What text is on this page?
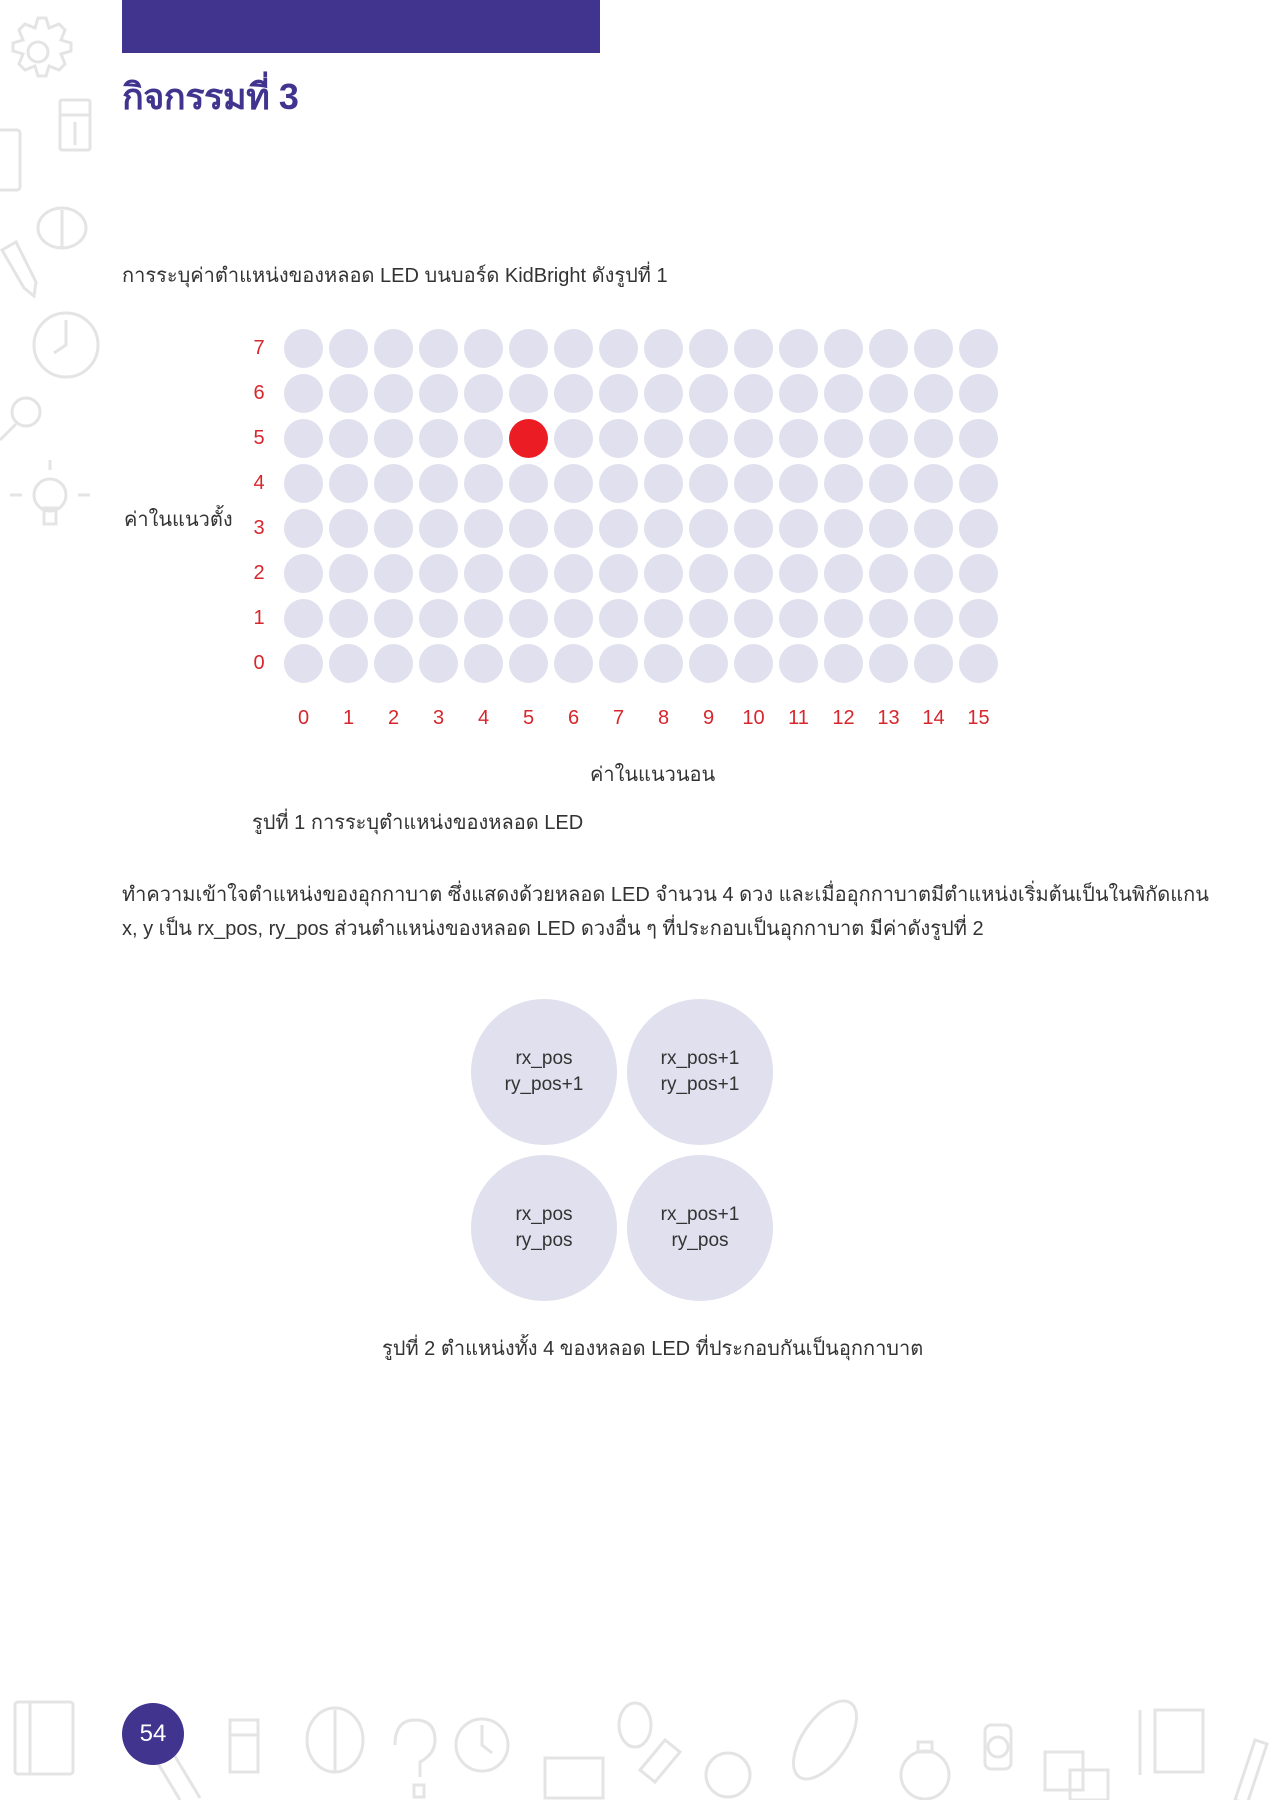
กิจกรรมที่ 3
การระบุค่าตำแหน่งของหลอด LED บนบอร์ด KidBright ดังรูปที่ 1
ค่าในแนวตั้ง
7
6
5
4
3
2
1
0
0	1	2	3	4	5	6	7	8	9	10	11	12	13	14	15
ค่าในแนวนอน
รูปที่ 1 การระบุตำแหน่งของหลอด LED
ทำความเข้าใจตำแหน่งของอุกกาบาต ซึ่งแสดงด้วยหลอด LED จำนวน 4 ดวง และเมื่ออุกกาบาตมีตำแหน่งเริ่มต้นเป็นในพิกัดแกน
x, y เป็น rx_pos, ry_pos ส่วนตำแหน่งของหลอด LED ดวงอื่น ๆ ที่ประกอบเป็นอุกกาบาต มีค่าดังรูปที่ 2
rx_pos
ry_pos+1
rx_pos+1
ry_pos+1
rx_pos
ry_pos
rx_pos+1
ry_pos
รูปที่ 2 ตำแหน่งทั้ง 4 ของหลอด LED ที่ประกอบกันเป็นอุกกาบาต
54
